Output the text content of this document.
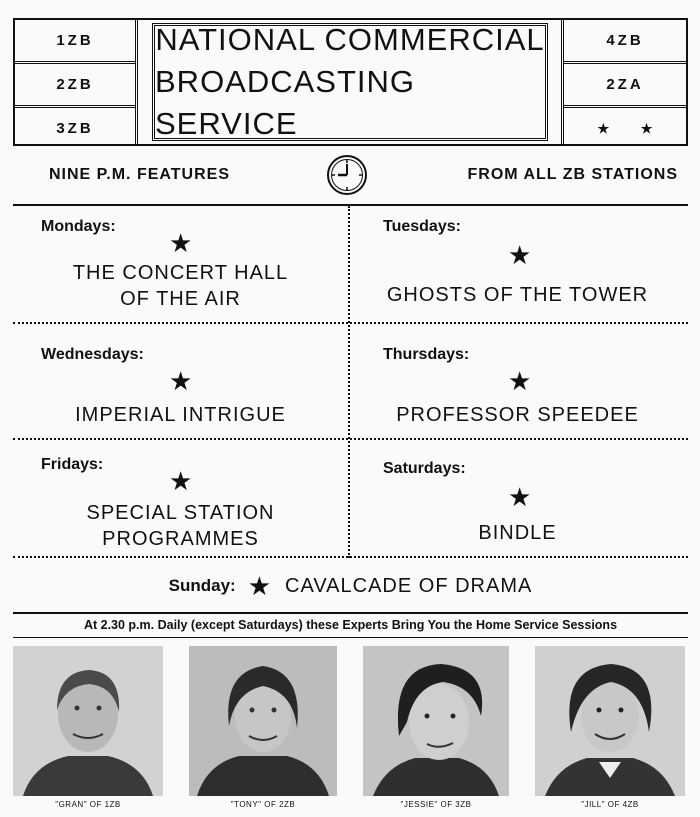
1ZB
2ZB
3ZB
NATIONAL COMMERCIAL
BROADCASTING SERVICE
4ZB
2ZA
★ ★
NINE P.M. FEATURES	FROM ALL ZB STATIONS
Mondays:
★
THE CONCERT HALL
OF THE AIR
Tuesdays:
★
GHOSTS OF THE TOWER
Wednesdays:
★
IMPERIAL INTRIGUE
Thursdays:
★
PROFESSOR SPEEDEE
Fridays:
★
SPECIAL STATION
PROGRAMMES
Saturdays:
★
BINDLE
Sunday: ★ CAVALCADE OF DRAMA
At 2.30 p.m. Daily (except Saturdays) these Experts Bring You the Home Service Sessions
"GRAN" OF 1ZB	"TONY" OF 2ZB	"JESSIE" OF 3ZB	"JILL" OF 4ZB
